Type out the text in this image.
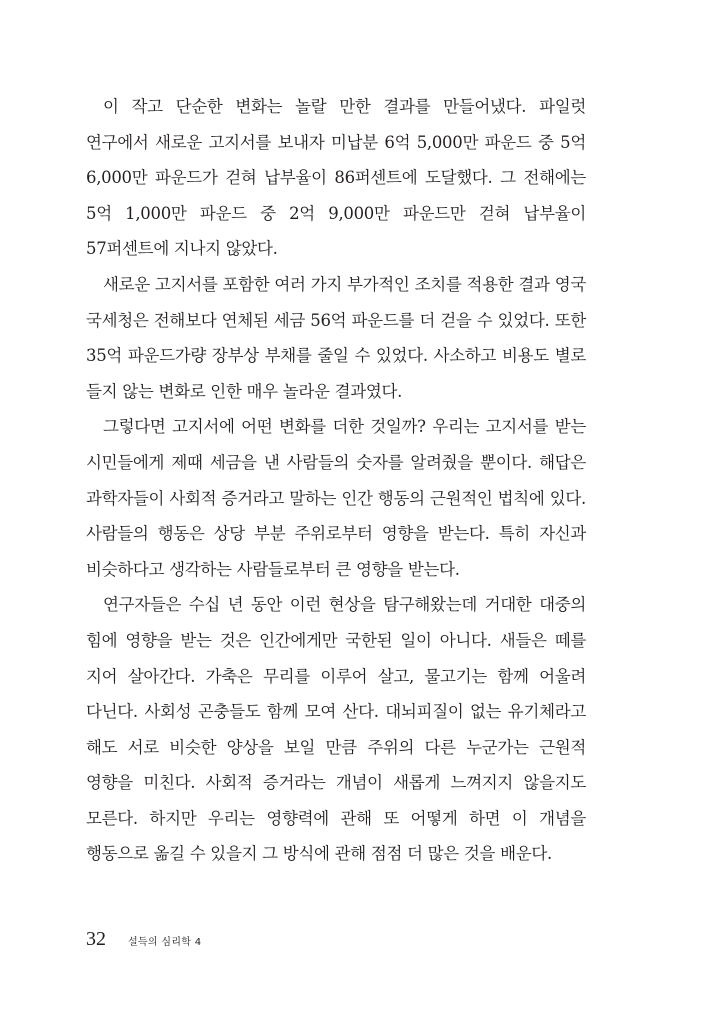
이 작고 단순한 변화는 놀랄 만한 결과를 만들어냈다. 파일럿 연구에서 새로운 고지서를 보내자 미납분 6억 5,000만 파운드 중 5억 6,000만 파운드가 걷혀 납부율이 86퍼센트에 도달했다. 그 전해에는 5억 1,000만 파운드 중 2억 9,000만 파운드만 걷혀 납부율이 57퍼센트에 지나지 않았다.

새로운 고지서를 포함한 여러 가지 부가적인 조치를 적용한 결과 영국 국세청은 전해보다 연체된 세금 56억 파운드를 더 걷을 수 있었다. 또한 35억 파운드가량 장부상 부채를 줄일 수 있었다. 사소하고 비용도 별로 들지 않는 변화로 인한 매우 놀라운 결과였다.

그렇다면 고지서에 어떤 변화를 더한 것일까? 우리는 고지서를 받는 시민들에게 제때 세금을 낸 사람들의 숫자를 알려줬을 뿐이다. 해답은 과학자들이 사회적 증거라고 말하는 인간 행동의 근원적인 법칙에 있다. 사람들의 행동은 상당 부분 주위로부터 영향을 받는다. 특히 자신과 비슷하다고 생각하는 사람들로부터 큰 영향을 받는다.

연구자들은 수십 년 동안 이런 현상을 탐구해왔는데 거대한 대중의 힘에 영향을 받는 것은 인간에게만 국한된 일이 아니다. 새들은 떼를 지어 살아간다. 가축은 무리를 이루어 살고, 물고기는 함께 어울려 다닌다. 사회성 곤충들도 함께 모여 산다. 대뇌피질이 없는 유기체라고 해도 서로 비슷한 양상을 보일 만큼 주위의 다른 누군가는 근원적 영향을 미친다. 사회적 증거라는 개념이 새롭게 느껴지지 않을지도 모른다. 하지만 우리는 영향력에 관해 또 어떻게 하면 이 개념을 행동으로 옮길 수 있을지 그 방식에 관해 점점 더 많은 것을 배운다.

32 설득의 심리학 4
